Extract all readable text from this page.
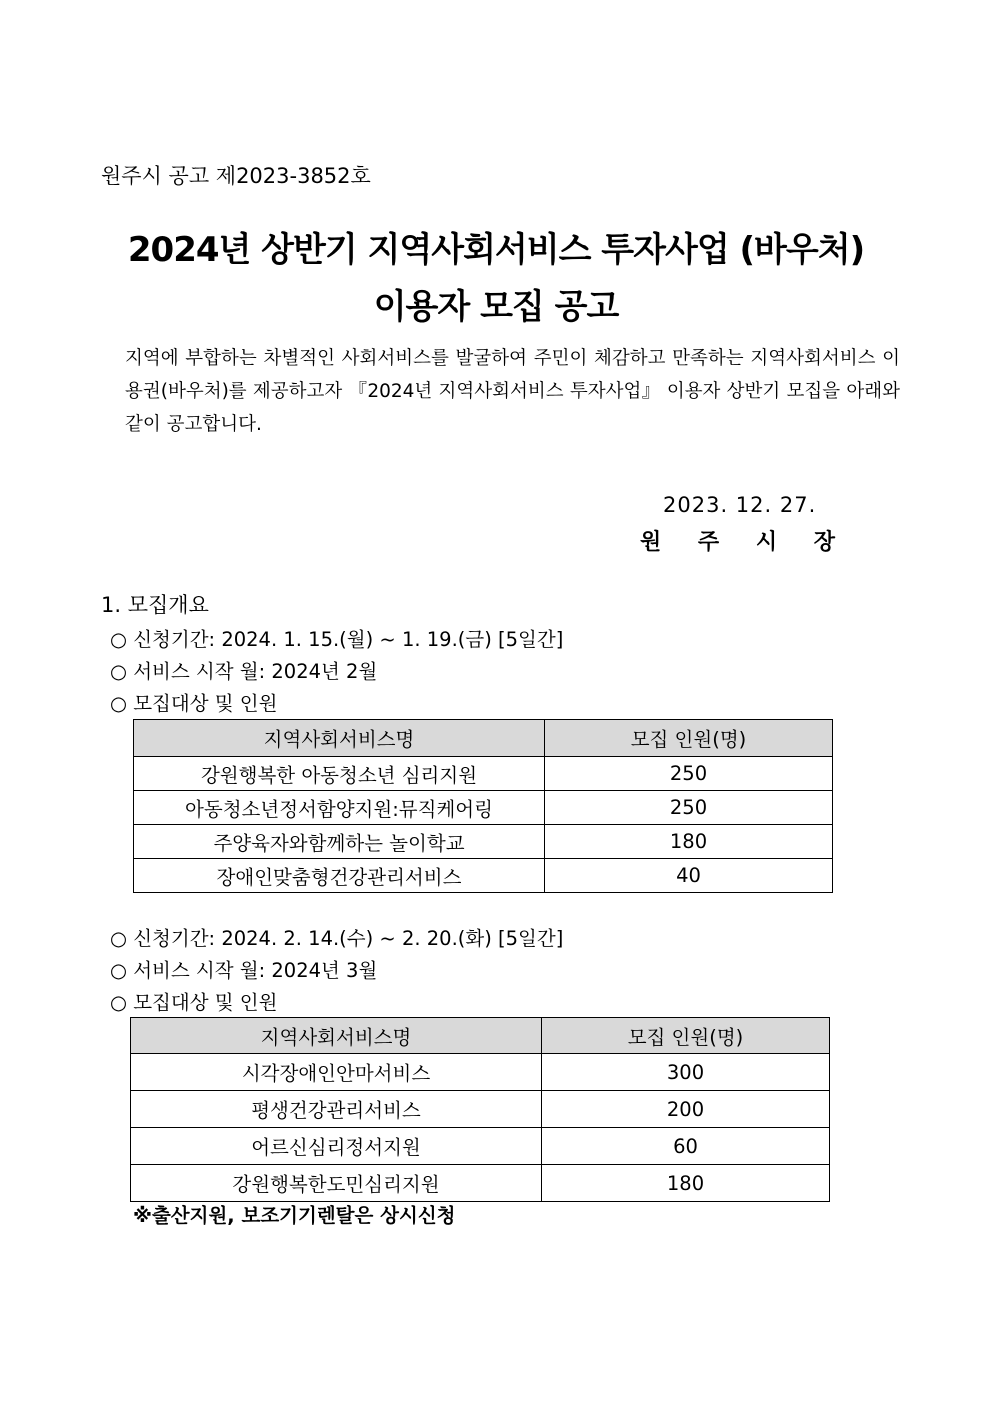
원주시 공고 제2023-3852호
2024년 상반기 지역사회서비스 투자사업 (바우처)
이용자 모집 공고
지역에 부합하는 차별적인 사회서비스를 발굴하여 주민이 체감하고 만족하는 지역사회서비스 이용권(바우처)를 제공하고자 『2024년 지역사회서비스 투자사업』 이용자 상반기 모집을 아래와 같이 공고합니다.
2023. 12. 27.
원 주 시 장
1. 모집개요
○ 신청기간: 2024. 1. 15.(월) ~ 1. 19.(금) [5일간]
○ 서비스 시작 월: 2024년 2월
○ 모집대상 및 인원
지역사회서비스명	모집 인원(명)
강원행복한 아동청소년 심리지원	250
아동청소년정서함양지원:뮤직케어링	250
주양육자와함께하는 놀이학교	180
장애인맞춤형건강관리서비스	40
○ 신청기간: 2024. 2. 14.(수) ~ 2. 20.(화) [5일간]
○ 서비스 시작 월: 2024년 3월
○ 모집대상 및 인원
지역사회서비스명	모집 인원(명)
시각장애인안마서비스	300
평생건강관리서비스	200
어르신심리정서지원	60
강원행복한도민심리지원	180
※출산지원, 보조기기렌탈은 상시신청
